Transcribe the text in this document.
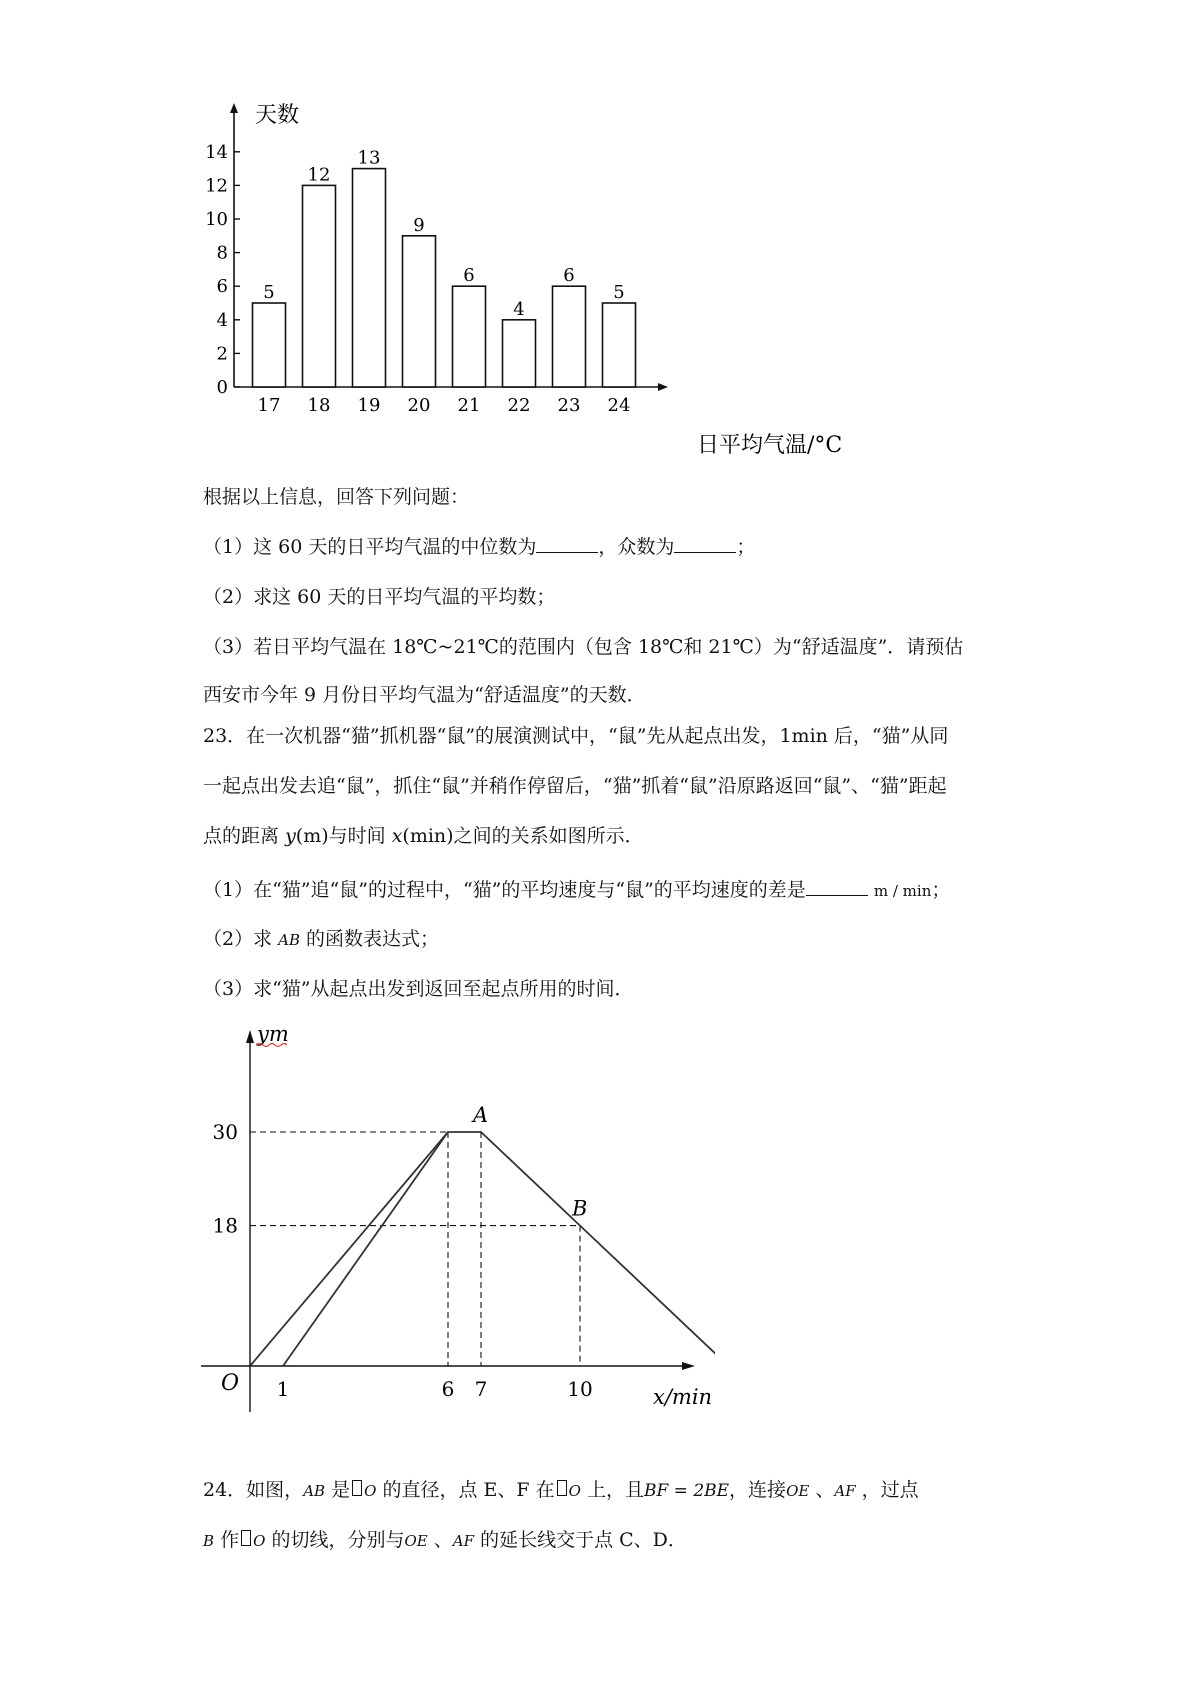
0
2
4
6
8
10
12
14
5
17
12
18
13
19
9
20
6
21
4
22
6
23
5
24
天数
日平均气温/°C
根据以上信息，回答下列问题：
（1）这 60 天的日平均气温的中位数为	，众数为	；
（2）求这 60 天的日平均气温的平均数；
（3）若日平均气温在 18℃~21℃的范围内（包含 18℃和 21℃）为“舒适温度”．请预估
西安市今年 9 月份日平均气温为“舒适温度”的天数．
23．在一次机器“猫”抓机器“鼠”的展演测试中，“鼠”先从起点出发，1min 后，“猫”从同
一起点出发去追“鼠”，抓住“鼠”并稍作停留后，“猫”抓着“鼠”沿原路返回“鼠”、“猫”距起
点的距离 y(m)与时间 x(min)之间的关系如图所示．
（1）在“猫”追“鼠”的过程中，“猫”的平均速度与“鼠”的平均速度的差是	m / min；
（2）求 AB 的函数表达式；
（3）求“猫”从起点出发到返回至起点所用的时间．
1	6 7	10
18
30
A
B
ym
x/min
O
24．如图，AB 是 O 的直径，点 E、F 在 O 上，且BF = 2BE，连接OE 、AF ，过点
B 作 O 的切线，分别与OE 、AF 的延长线交于点 C、D．
